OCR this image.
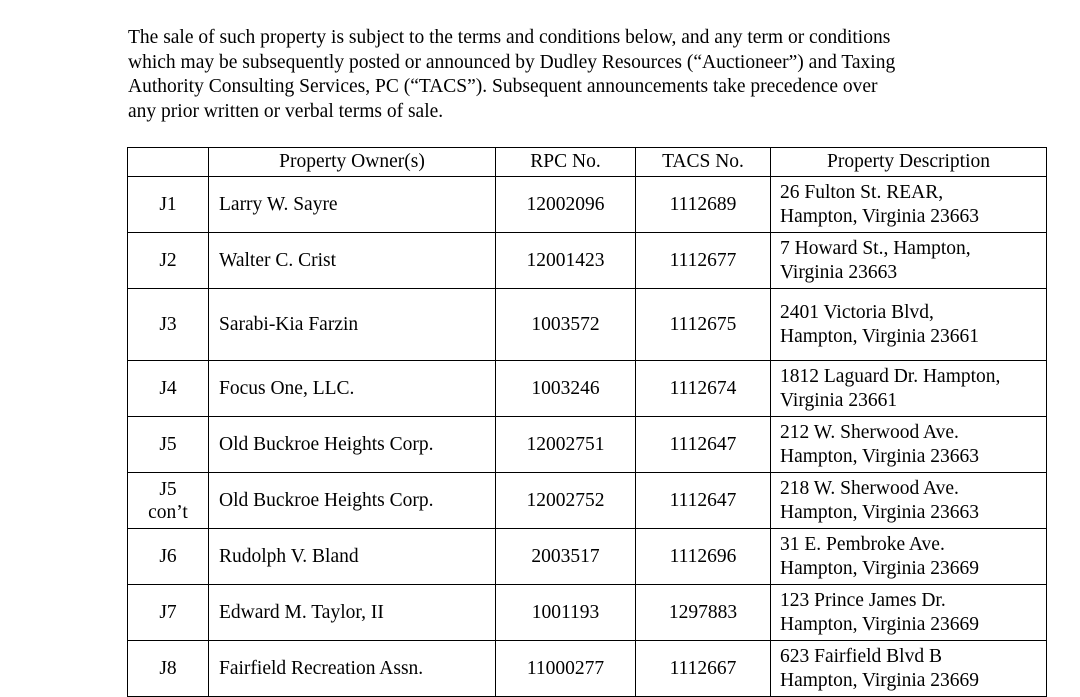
The sale of such property is subject to the terms and conditions below, and any term or conditions
which may be subsequently posted or announced by Dudley Resources (“Auctioneer”) and Taxing
Authority Consulting Services, PC (“TACS”). Subsequent announcements take precedence over
any prior written or verbal terms of sale.
	Property Owner(s)	RPC No.	TACS No.	Property Description

J1	Larry W. Sayre	12002096	1112689	26 Fulton St. REAR,
Hampton, Virginia 23663

J2	Walter C. Crist	12001423	1112677	7 Howard St., Hampton,
Virginia 23663

J3	Sarabi-Kia Farzin	1003572	1112675	2401 Victoria Blvd,
Hampton, Virginia 23661

J4	Focus One, LLC.	1003246	1112674	1812 Laguard Dr. Hampton,
Virginia 23661

J5	Old Buckroe Heights Corp.	12002751	1112647	212 W. Sherwood Ave.
Hampton, Virginia 23663

J5
con’t	Old Buckroe Heights Corp.	12002752	1112647	218 W. Sherwood Ave.
Hampton, Virginia 23663

J6	Rudolph V. Bland	2003517	1112696	31 E. Pembroke Ave.
Hampton, Virginia 23669

J7	Edward M. Taylor, II	1001193	1297883	123 Prince James Dr.
Hampton, Virginia 23669

J8	Fairfield Recreation Assn.	11000277	1112667	623 Fairfield Blvd B
Hampton, Virginia 23669
